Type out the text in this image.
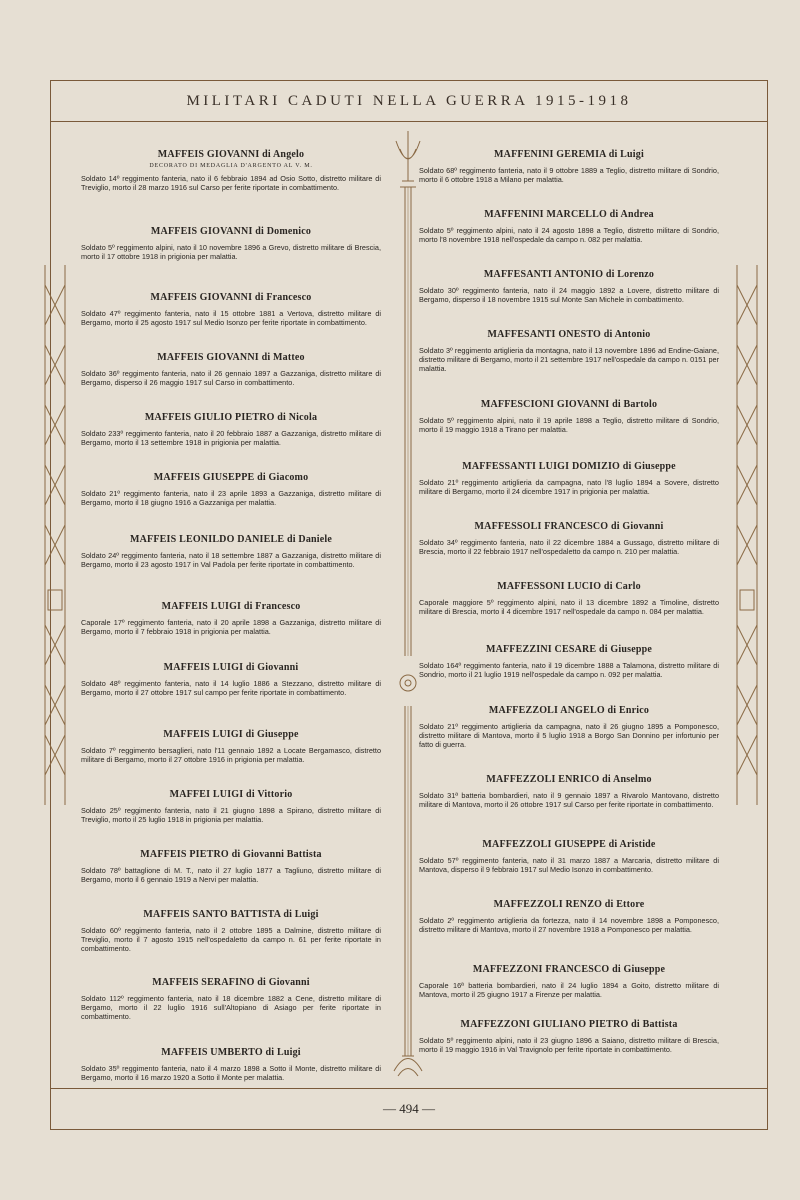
MILITARI CADUTI NELLA GUERRA 1915-1918
— 494 —
MAFFEIS GIOVANNI di Angelo
DECORATO DI MEDAGLIA D'ARGENTO AL V. M.

Soldato 14º reggimento fanteria, nato il 6 febbraio 1894 ad Osio Sotto, distretto militare di Treviglio, morto il 28 marzo 1916 sul Carso per ferite riportate in combattimento.

MAFFEIS GIOVANNI di Domenico

Soldato 5º reggimento alpini, nato il 10 novembre 1896 a Grevo, distretto militare di Brescia, morto il 17 ottobre 1918 in prigionia per malattia.

MAFFEIS GIOVANNI di Francesco

Soldato 47º reggimento fanteria, nato il 15 ottobre 1881 a Vertova, distretto militare di Bergamo, morto il 25 agosto 1917 sul Medio Isonzo per ferite riportate in combattimento.

MAFFEIS GIOVANNI di Matteo

Soldato 36º reggimento fanteria, nato il 26 gennaio 1897 a Gazzaniga, distretto militare di Bergamo, disperso il 26 maggio 1917 sul Carso in combattimento.

MAFFEIS GIULIO PIETRO di Nicola

Soldato 233º reggimento fanteria, nato il 20 febbraio 1887 a Gazzaniga, distretto militare di Bergamo, morto il 13 settembre 1918 in prigionia per malattia.

MAFFEIS GIUSEPPE di Giacomo

Soldato 21º reggimento fanteria, nato il 23 aprile 1893 a Gazzaniga, distretto militare di Bergamo, morto il 18 giugno 1916 a Gazzaniga per malattia.

MAFFEIS LEONILDO DANIELE di Daniele

Soldato 24º reggimento fanteria, nato il 18 settembre 1887 a Gazzaniga, distretto militare di Bergamo, morto il 23 agosto 1917 in Val Padola per ferite riportate in combattimento.

MAFFEIS LUIGI di Francesco

Caporale 17º reggimento fanteria, nato il 20 aprile 1898 a Gazzaniga, distretto militare di Bergamo, morto il 7 febbraio 1918 in prigionia per malattia.

MAFFEIS LUIGI di Giovanni

Soldato 48º reggimento fanteria, nato il 14 luglio 1886 a Stezzano, distretto militare di Bergamo, morto il 27 ottobre 1917 sul campo per ferite riportate in combattimento.

MAFFEIS LUIGI di Giuseppe

Soldato 7º reggimento bersaglieri, nato l'11 gennaio 1892 a Locate Bergamasco, distretto militare di Bergamo, morto il 27 ottobre 1916 in prigionia per malattia.

MAFFEI LUIGI di Vittorio

Soldato 25º reggimento fanteria, nato il 21 giugno 1898 a Spirano, distretto militare di Treviglio, morto il 25 luglio 1918 in prigionia per malattia.

MAFFEIS PIETRO di Giovanni Battista

Soldato 78º battaglione di M. T., nato il 27 luglio 1877 a Tagliuno, distretto militare di Bergamo, morto il 6 gennaio 1919 a Nervi per malattia.

MAFFEIS SANTO BATTISTA di Luigi

Soldato 60º reggimento fanteria, nato il 2 ottobre 1895 a Dalmine, distretto militare di Treviglio, morto il 7 agosto 1915 nell'ospedaletto da campo n. 61 per ferite riportate in combattimento.

MAFFEIS SERAFINO di Giovanni

Soldato 112º reggimento fanteria, nato il 18 dicembre 1882 a Cene, distretto militare di Bergamo, morto il 22 luglio 1916 sull'Altopiano di Asiago per ferite riportate in combattimento.

MAFFEIS UMBERTO di Luigi

Soldato 35º reggimento fanteria, nato il 4 marzo 1898 a Sotto il Monte, distretto militare di Bergamo, morto il 16 marzo 1920 a Sotto il Monte per malattia.

MAFFENINI GEREMIA di Luigi

Soldato 68º reggimento fanteria, nato il 9 ottobre 1889 a Teglio, distretto militare di Sondrio, morto il 6 ottobre 1918 a Milano per malattia.

MAFFENINI MARCELLO di Andrea

Soldato 5º reggimento alpini, nato il 24 agosto 1898 a Teglio, distretto militare di Sondrio, morto l'8 novembre 1918 nell'ospedale da campo n. 082 per malattia.

MAFFESANTI ANTONIO di Lorenzo

Soldato 30º reggimento fanteria, nato il 24 maggio 1892 a Lovere, distretto militare di Bergamo, disperso il 18 novembre 1915 sul Monte San Michele in combattimento.

MAFFESANTI ONESTO di Antonio

Soldato 3º reggimento artiglieria da montagna, nato il 13 novembre 1896 ad Endine-Gaiane, distretto militare di Bergamo, morto il 21 settembre 1917 nell'ospedale da campo n. 0151 per malattia.

MAFFESCIONI GIOVANNI di Bartolo

Soldato 5º reggimento alpini, nato il 19 aprile 1898 a Teglio, distretto militare di Sondrio, morto il 19 maggio 1918 a Tirano per malattia.

MAFFESSANTI LUIGI DOMIZIO di Giuseppe

Soldato 21º reggimento artiglieria da campagna, nato l'8 luglio 1894 a Sovere, distretto militare di Bergamo, morto il 24 dicembre 1917 in prigionia per malattia.

MAFFESSOLI FRANCESCO di Giovanni

Soldato 34º reggimento fanteria, nato il 22 dicembre 1884 a Gussago, distretto militare di Brescia, morto il 22 febbraio 1917 nell'ospedaletto da campo n. 210 per malattia.

MAFFESSONI LUCIO di Carlo

Caporale maggiore 5º reggimento alpini, nato il 13 dicembre 1892 a Timoline, distretto militare di Brescia, morto il 4 dicembre 1917 nell'ospedale da campo n. 084 per malattia.

MAFFEZZINI CESARE di Giuseppe

Soldato 164º reggimento fanteria, nato il 19 dicembre 1888 a Talamona, distretto militare di Sondrio, morto il 21 luglio 1919 nell'ospedale da campo n. 092 per malattia.

MAFFEZZOLI ANGELO di Enrico

Soldato 21º reggimento artiglieria da campagna, nato il 26 giugno 1895 a Pomponesco, distretto militare di Mantova, morto il 5 luglio 1918 a Borgo San Donnino per infortunio per fatto di guerra.

MAFFEZZOLI ENRICO di Anselmo

Soldato 31ª batteria bombardieri, nato il 9 gennaio 1897 a Rivarolo Mantovano, distretto militare di Mantova, morto il 26 ottobre 1917 sul Carso per ferite riportate in combattimento.

MAFFEZZOLI GIUSEPPE di Aristide

Soldato 57º reggimento fanteria, nato il 31 marzo 1887 a Marcaria, distretto militare di Mantova, disperso il 9 febbraio 1917 sul Medio Isonzo in combattimento.

MAFFEZZOLI RENZO di Ettore

Soldato 2º reggimento artiglieria da fortezza, nato il 14 novembre 1898 a Pomponesco, distretto militare di Mantova, morto il 27 novembre 1918 a Pomponesco per malattia.

MAFFEZZONI FRANCESCO di Giuseppe

Caporale 16ª batteria bombardieri, nato il 24 luglio 1894 a Goito, distretto militare di Mantova, morto il 25 giugno 1917 a Firenze per malattia.

MAFFEZZONI GIULIANO PIETRO di Battista

Soldato 5º reggimento alpini, nato il 23 giugno 1896 a Saiano, distretto militare di Brescia, morto il 19 maggio 1916 in Val Travignolo per ferite riportate in combattimento.
